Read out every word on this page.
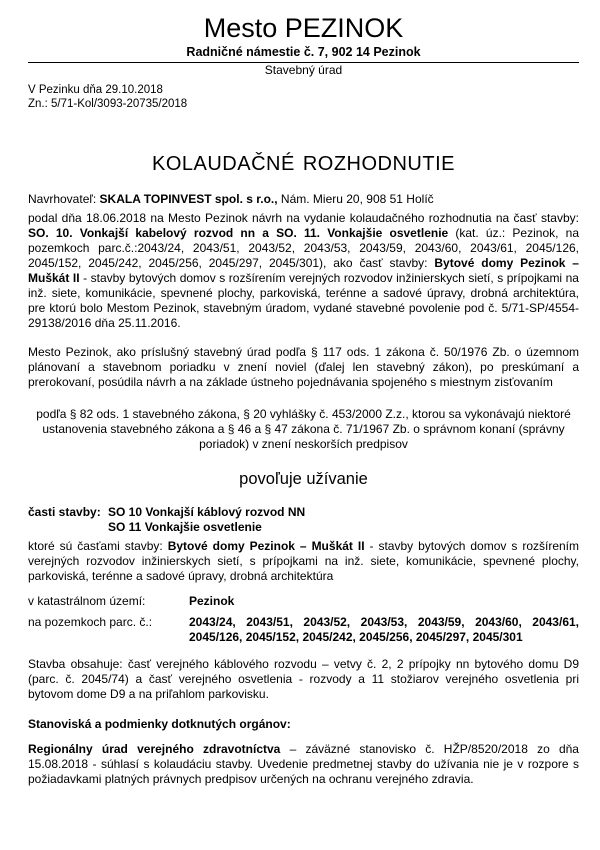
Mesto PEZINOK
Radničné námestie č. 7, 902 14 Pezinok
Stavebný úrad
V Pezinku dňa 29.10.2018
Zn.: 5/71-Kol/3093-20735/2018
KOLAUDAČNÉ ROZHODNUTIE
Navrhovateľ: SKALA TOPINVEST spol. s r.o., Nám. Mieru 20, 908 51 Holíč
podal dňa 18.06.2018 na Mesto Pezinok návrh na vydanie kolaudačného rozhodnutia na časť stavby: SO. 10. Vonkajší kabelový rozvod nn a SO. 11. Vonkajšie osvetlenie (kat. úz.: Pezinok, na pozemkoch parc.č.:2043/24, 2043/51, 2043/52, 2043/53, 2043/59, 2043/60, 2043/61, 2045/126, 2045/152, 2045/242, 2045/256, 2045/297, 2045/301), ako časť stavby: Bytové domy Pezinok – Muškát II - stavby bytových domov s rozšírením verejných rozvodov inžinierskych sietí, s prípojkami na inž. siete, komunikácie, spevnené plochy, parkoviská, terénne a sadové úpravy, drobná architektúra, pre ktorú bolo Mestom Pezinok, stavebným úradom, vydané stavebné povolenie pod č. 5/71-SP/4554-29138/2016 dňa 25.11.2016.
Mesto Pezinok, ako príslušný stavebný úrad podľa § 117 ods. 1 zákona č. 50/1976 Zb. o územnom plánovaní a stavebnom poriadku v znení noviel (ďalej len stavebný zákon), po preskúmaní a prerokovaní, posúdila návrh a na základe ústneho pojednávania spojeného s miestnym zisťovaním
podľa § 82 ods. 1 stavebného zákona, § 20 vyhlášky č. 453/2000 Z.z., ktorou sa vykonávajú niektoré ustanovenia stavebného zákona a § 46 a § 47 zákona č. 71/1967 Zb. o správnom konaní (správny poriadok) v znení neskorších predpisov
povoľuje užívanie
časti stavby: SO 10 Vonkajší káblový rozvod NN
SO 11 Vonkajšie osvetlenie
ktoré sú časťami stavby: Bytové domy Pezinok – Muškát II - stavby bytových domov s rozšírením verejných rozvodov inžinierskych sietí, s prípojkami na inž. siete, komunikácie, spevnené plochy, parkoviská, terénne a sadové úpravy, drobná architektúra
v katastrálnom území:	Pezinok
na pozemkoch parc. č.:	2043/24, 2043/51, 2043/52, 2043/53, 2043/59, 2043/60, 2043/61, 2045/126, 2045/152, 2045/242, 2045/256, 2045/297, 2045/301
Stavba obsahuje: časť verejného káblového rozvodu – vetvy č. 2, 2 prípojky nn bytového domu D9 (parc. č. 2045/74) a časť verejného osvetlenia - rozvody a 11 stožiarov verejného osvetlenia pri bytovom dome D9 a na priľahlom parkovisku.
Stanoviská a podmienky dotknutých orgánov:
Regionálny úrad verejného zdravotníctva – záväzné stanovisko č. HŽP/8520/2018 zo dňa 15.08.2018 - súhlasí s kolaudáciu stavby. Uvedenie predmetnej stavby do užívania nie je v rozpore s požiadavkami platných právnych predpisov určených na ochranu verejného zdravia.
